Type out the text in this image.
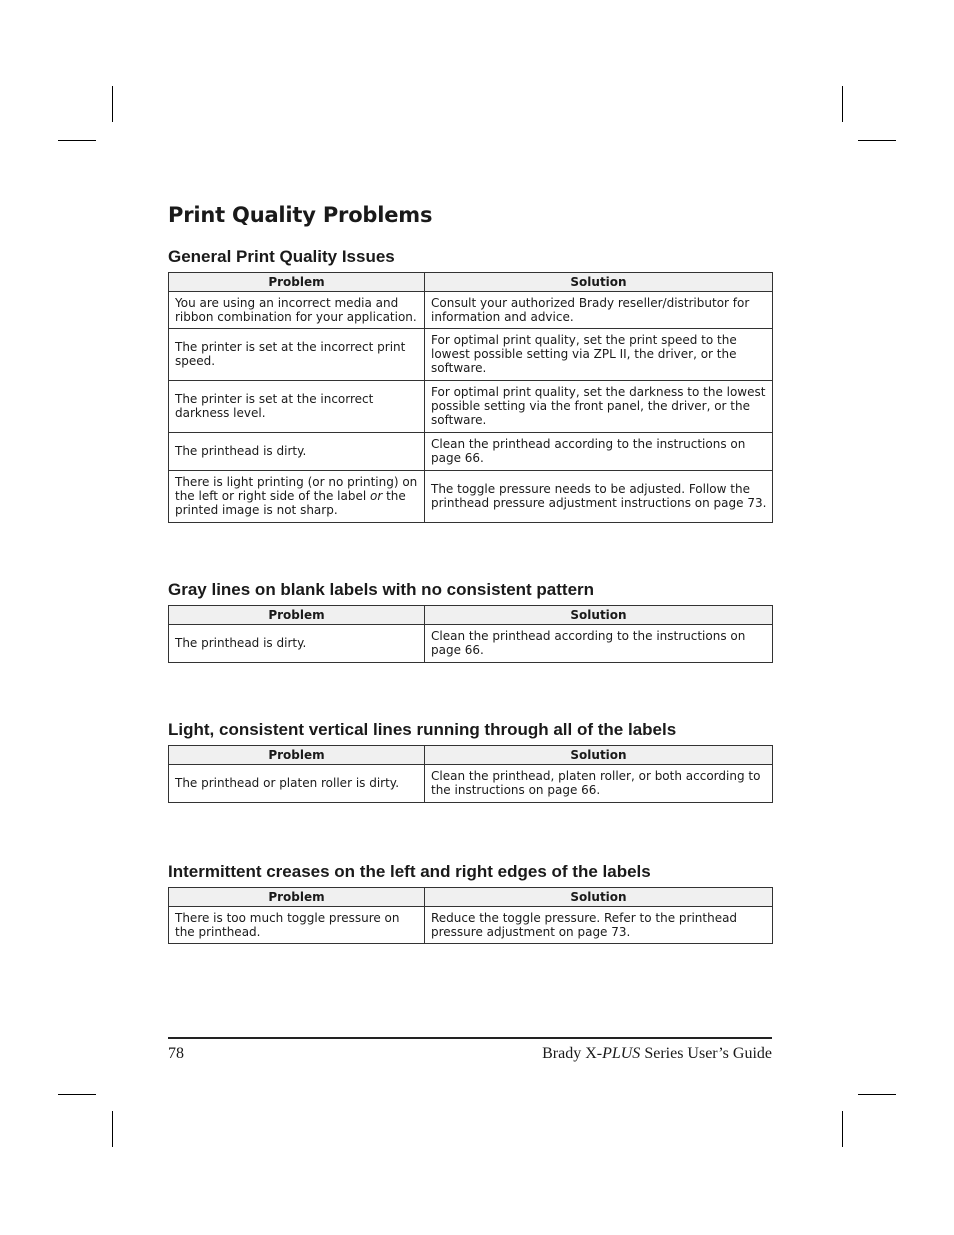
Print Quality Problems
General Print Quality Issues
Problem	Solution
You are using an incorrect media and ribbon combination for your application.	Consult your authorized Brady reseller/distributor for information and advice.
The printer is set at the incorrect print speed.	For optimal print quality, set the print speed to the lowest possible setting via ZPL II, the driver, or the software.
The printer is set at the incorrect darkness level.	For optimal print quality, set the darkness to the lowest possible setting via the front panel, the driver, or the software.
The printhead is dirty.	Clean the printhead according to the instructions on page 66.
There is light printing (or no printing) on the left or right side of the label or the printed image is not sharp.	The toggle pressure needs to be adjusted. Follow the printhead pressure adjustment instructions on page 73.
Gray lines on blank labels with no consistent pattern
Problem	Solution
The printhead is dirty.	Clean the printhead according to the instructions on page 66.
Light, consistent vertical lines running through all of the labels
Problem	Solution
The printhead or platen roller is dirty.	Clean the printhead, platen roller, or both according to the instructions on page 66.
Intermittent creases on the left and right edges of the labels
Problem	Solution
There is too much toggle pressure on the printhead.	Reduce the toggle pressure. Refer to the printhead pressure adjustment on page 73.
78	Brady X-PLUS Series User’s Guide
